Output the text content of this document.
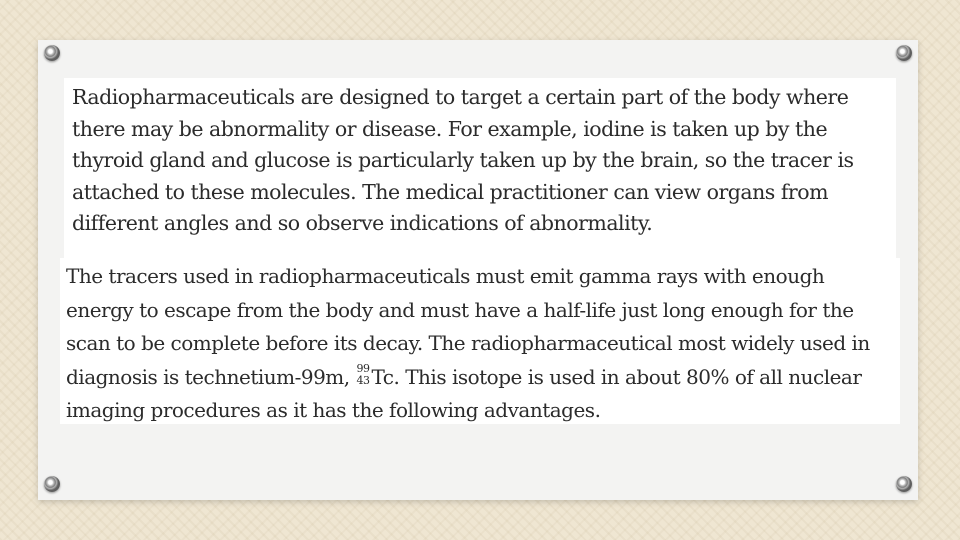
Radiopharmaceuticals are designed to target a certain part of the body where there may be abnormality or disease. For example, iodine is taken up by the thyroid gland and glucose is particularly taken up by the brain, so the tracer is attached to these molecules. The medical practitioner can view organs from different angles and so observe indications of abnormality.

The tracers used in radiopharmaceuticals must emit gamma rays with enough energy to escape from the body and must have a half-life just long enough for the scan to be complete before its decay. The radiopharmaceutical most widely used in diagnosis is technetium-99m, 99
43 Tc. This isotope is used in about 80% of all nuclear imaging procedures as it has the following advantages.
